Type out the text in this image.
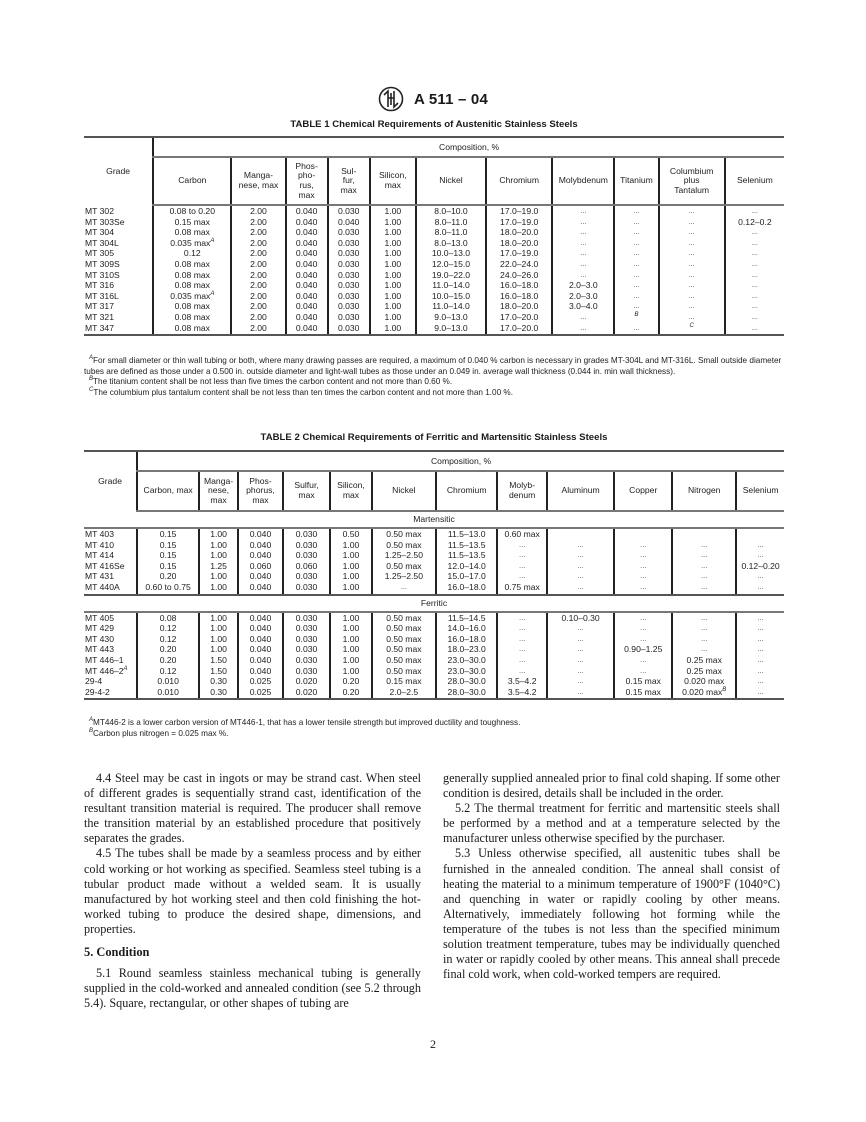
A 511 – 04
TABLE 1 Chemical Requirements of Austenitic Stainless Steels
Grade	Composition, %										
	Carbon	Manga-
nese, max	Phos-
pho-
rus,
max	Sul-
fur,
max	Silicon,
max	Nickel	Chromium	Molybdenum	Titanium	Columbium
plus
Tantalum	Selenium
MT 302	0.08 to 0.20	2.00	0.040	0.030	1.00	8.0–10.0	17.0–19.0	...	...	...	...
MT 303Se	0.15 max	2.00	0.040	0.040	1.00	8.0–11.0	17.0–19.0	...	...	...	0.12–0.2
MT 304	0.08 max	2.00	0.040	0.030	1.00	8.0–11.0	18.0–20.0	...	...	...	...
MT 304L	0.035 $\max^A$	2.00	0.040	0.030	1.00	8.0–13.0	18.0–20.0	...	...	...	...
MT 305	0.12	2.00	0.040	0.030	1.00	10.0–13.0	17.0–19.0	...	...	...	...
MT 309S	0.08 max	2.00	0.040	0.030	1.00	12.0–15.0	22.0–24.0	...	...	...	...
MT 310S	0.08 max	2.00	0.040	0.030	1.00	19.0–22.0	24.0–26.0	...	...	...	...
MT 316	0.08 max	2.00	0.040	0.030	1.00	11.0–14.0	16.0–18.0	2.0–3.0	...	...	...
MT 316L	0.035 $\max^A$	2.00	0.040	0.030	1.00	10.0–15.0	16.0–18.0	2.0–3.0	...	...	...
MT 317	0.08 max	2.00	0.040	0.030	1.00	11.0–14.0	18.0–20.0	3.0–4.0	...	...	...
MT 321	0.08 max	2.00	0.040	0.030	1.00	9.0–13.0	17.0–20.0	...	$^B$	...	...
MT 347	0.08 max	2.00	0.040	0.030	1.00	9.0–13.0	17.0–20.0	...	...	$^C$	...

$^A$For small diameter or thin wall tubing or both, where many drawing passes are required, a maximum of 0.040 % carbon is necessary in grades MT-304L and MT-316L. Small outside diameter tubes are defined as those under a 0.500 in. outside diameter and light-wall tubes as those under an 0.049 in. average wall thickness (0.044 in. min wall thickness).

$^B$The titanium content shall be not less than five times the carbon content and not more than 0.60 %.

$^C$The columbium plus tantalum content shall be not less than ten times the carbon content and not more than 1.00 %.

TABLE 2 Chemical Requirements of Ferritic and Martensitic Stainless Steels
Grade	Composition, %											
	Carbon, max	Manga-
nese,
max	Phos-
phorus,
max	Sulfur,
max	Silicon,
max	Nickel	Chromium	Molyb-
denum	Aluminum	Copper	Nitrogen	Selenium
Martensitic												
MT 403	0.15	1.00	0.040	0.030	0.50	0.50 max	11.5–13.0	0.60 max				
MT 410	0.15	1.00	0.040	0.030	1.00	0.50 max	11.5–13.5	...	...	...	...	...
MT 414	0.15	1.00	0.040	0.030	1.00	1.25–2.50	11.5–13.5	...	...	...	...	...
MT 416Se	0.15	1.25	0.060	0.060	1.00	0.50 max	12.0–14.0	...	...	...	...	0.12–0.20
MT 431	0.20	1.00	0.040	0.030	1.00	1.25–2.50	15.0–17.0	...	...	...	...	...
MT 440A	0.60 to 0.75	1.00	0.040	0.030	1.00	...	16.0–18.0	0.75 max	...	...	...	...
Ferritic												
MT 405	0.08	1.00	0.040	0.030	1.00	0.50 max	11.5–14.5	...	0.10–0.30	...	...	...
MT 429	0.12	1.00	0.040	0.030	1.00	0.50 max	14.0–16.0	...	...	...	...	...
MT 430	0.12	1.00	0.040	0.030	1.00	0.50 max	16.0–18.0	...	...	...	...	...
MT 443	0.20	1.00	0.040	0.030	1.00	0.50 max	18.0–23.0	...	...	0.90–1.25	...	...
MT 446–1	0.20	1.50	0.040	0.030	1.00	0.50 max	23.0–30.0	...	...	...	0.25 max	...
MT $446-2^A$	0.12	1.50	0.040	0.030	1.00	0.50 max	23.0–30.0	...	...	...	0.25 max	...
29-4	0.010	0.30	0.025	0.020	0.20	0.15 max	28.0–30.0	3.5–4.2	...	0.15 max	0.020 max	...
29-4-2	0.010	0.30	0.025	0.020	0.20	2.0–2.5	28.0–30.0	3.5–4.2	...	0.15 max	0.020 $\max^B$	...

$^A$MT446-2 is a lower carbon version of MT446-1, that has a lower tensile strength but improved ductility and toughness.

$^B$Carbon plus nitrogen = 0.025 max %.

4.4 Steel may be cast in ingots or may be strand cast. When steel of different grades is sequentially strand cast, identification of the resultant transition material is required. The producer shall remove the transition material by an established procedure that positively separates the grades.

4.5 The tubes shall be made by a seamless process and by either cold working or hot working as specified. Seamless steel tubing is a tubular product made without a welded seam. It is usually manufactured by hot working steel and then cold finishing the hot-worked tubing to produce the desired shape, dimensions, and properties.

5. Condition

5.1 Round seamless stainless mechanical tubing is generally supplied in the cold-worked and annealed condition (see 5.2 through 5.4). Square, rectangular, or other shapes of tubing are

generally supplied annealed prior to final cold shaping. If some other condition is desired, details shall be included in the order.

5.2 The thermal treatment for ferritic and martensitic steels shall be performed by a method and at a temperature selected by the manufacturer unless otherwise specified by the purchaser.

5.3 Unless otherwise specified, all austenitic tubes shall be furnished in the annealed condition. The anneal shall consist of heating the material to a minimum temperature of 1900°F (1040°C) and quenching in water or rapidly cooling by other means. Alternatively, immediately following hot forming while the temperature of the tubes is not less than the specified minimum solution treatment temperature, tubes may be individually quenched in water or rapidly cooled by other means. This anneal shall precede final cold work, when cold-worked tempers are required.

2
